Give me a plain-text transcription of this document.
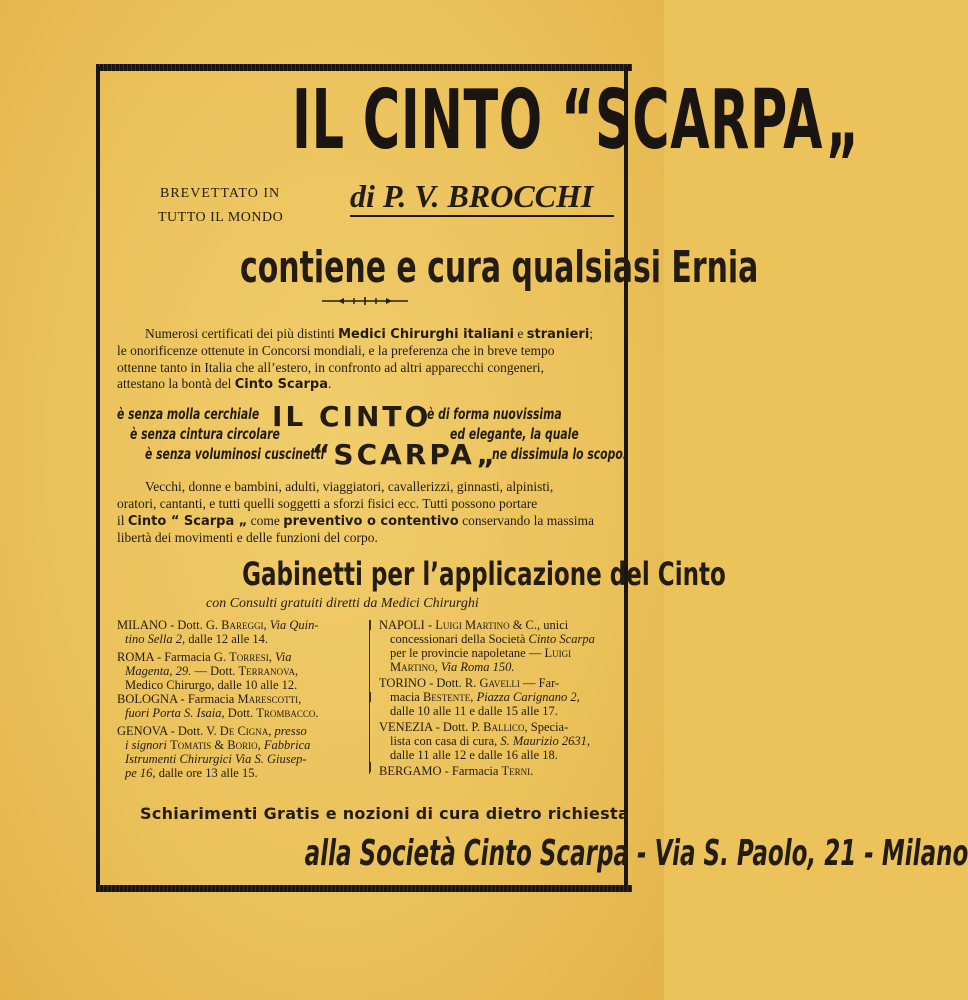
IL CINTO “SCARPA„
BREVETTATO IN
TUTTO IL MONDO
di P. V. BROCCHI
contiene e cura qualsiasi Ernia
Numerosi certificati dei più distinti Medici Chirurghi italiani e stranieri;
le onorificenze ottenute in Concorsi mondiali, e la preferenza che in breve tempo
ottenne tanto in Italia che all’estero, in confronto ad altri apparecchi congeneri,
attestano la bontà del Cinto Scarpa.
è senza molla cerchiale
è senza cintura circolare
è senza voluminosi cuscinetti
IL CINTO
“SCARPA„
è di forma nuovissima
ed elegante, la quale
ne dissimula lo scopo.
Vecchi, donne e bambini, adulti, viaggiatori, cavallerizzi, ginnasti, alpinisti,
oratori, cantanti, e tutti quelli soggetti a sforzi fisici ecc. Tutti possono portare
il Cinto “ Scarpa „ come preventivo o contentivo conservando la massima
libertà dei movimenti e delle funzioni del corpo.
Gabinetti per l’applicazione del Cinto
con Consulti gratuiti diretti da Medici Chirurghi
MILANO - Dott. G. Bareggi, Via Quin-
tino Sella 2, dalle 12 alle 14.
ROMA - Farmacia G. Torresi, Via
Magenta, 29. — Dott. Terranova,
Medico Chirurgo, dalle 10 alle 12.
BOLOGNA - Farmacia Marescotti,
fuori Porta S. Isaia, Dott. Trombacco.
GENOVA - Dott. V. De Cigna, presso
i signori Tomatis & Borio, Fabbrica
Istrumenti Chirurgici Via S. Giusep-
pe 16, dalle ore 13 alle 15.
NAPOLI - Luigi Martino & C., unici
concessionari della Società Cinto Scarpa
per le provincie napoletane — Luigi
Martino, Via Roma 150.
TORINO - Dott. R. Gavelli — Far-
macia Bestente, Piazza Carignano 2,
dalle 10 alle 11 e dalle 15 alle 17.
VENEZIA - Dott. P. Ballico, Specia-
lista con casa di cura, S. Maurizio 2631,
dalle 11 alle 12 e dalle 16 alle 18.
BERGAMO - Farmacia Terni.
Schiarimenti Gratis e nozioni di cura dietro richiesta
alla Società Cinto Scarpa - Via S. Paolo, 21 - Milano
